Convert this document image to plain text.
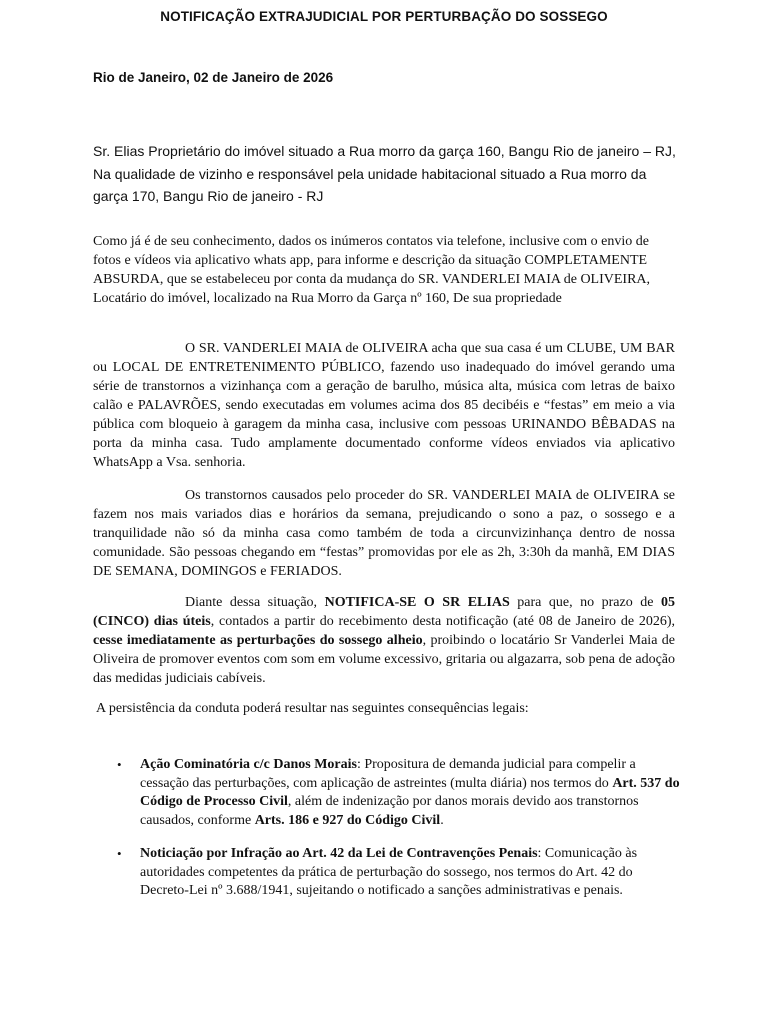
NOTIFICAÇÃO EXTRAJUDICIAL POR PERTURBAÇÃO DO SOSSEGO
Rio de Janeiro, 02 de Janeiro de 2026
Sr. Elias Proprietário do imóvel situado a Rua morro da garça 160, Bangu Rio de janeiro – RJ, Na qualidade de vizinho e responsável pela unidade habitacional situado a Rua morro da garça 170, Bangu Rio de janeiro - RJ
Como já é de seu conhecimento, dados os inúmeros contatos via telefone, inclusive com o envio de fotos e vídeos via aplicativo whats app, para informe e descrição da situação COMPLETAMENTE ABSURDA, que se estabeleceu por conta da mudança do SR. VANDERLEI MAIA de OLIVEIRA, Locatário do imóvel, localizado na Rua Morro da Garça nº 160, De sua propriedade
O SR. VANDERLEI MAIA de OLIVEIRA acha que sua casa é um CLUBE, UM BAR ou LOCAL DE ENTRETENIMENTO PÚBLICO, fazendo uso inadequado do imóvel gerando uma série de transtornos a vizinhança com a geração de barulho, música alta, música com letras de baixo calão e PALAVRÕES, sendo executadas em volumes acima dos 85 decibéis e “festas” em meio a via pública com bloqueio à garagem da minha casa, inclusive com pessoas URINANDO BÊBADAS na porta da minha casa. Tudo amplamente documentado conforme vídeos enviados via aplicativo WhatsApp a Vsa. senhoria.
Os transtornos causados pelo proceder do SR. VANDERLEI MAIA de OLIVEIRA se fazem nos mais variados dias e horários da semana, prejudicando o sono a paz, o sossego e a tranquilidade não só da minha casa como também de toda a circunvizinhança dentro de nossa comunidade. São pessoas chegando em “festas” promovidas por ele as 2h, 3:30h da manhã, EM DIAS DE SEMANA, DOMINGOS e FERIADOS.
Diante dessa situação, NOTIFICA-SE O SR ELIAS para que, no prazo de 05 (CINCO) dias úteis, contados a partir do recebimento desta notificação (até 08 de Janeiro de 2026), cesse imediatamente as perturbações do sossego alheio, proibindo o locatário Sr Vanderlei Maia de Oliveira de promover eventos com som em volume excessivo, gritaria ou algazarra, sob pena de adoção das medidas judiciais cabíveis.
A persistência da conduta poderá resultar nas seguintes consequências legais:
• Ação Cominatória c/c Danos Morais: Propositura de demanda judicial para compelir a cessação das perturbações, com aplicação de astreintes (multa diária) nos termos do Art. 537 do Código de Processo Civil, além de indenização por danos morais devido aos transtornos causados, conforme Arts. 186 e 927 do Código Civil.
• Noticiação por Infração ao Art. 42 da Lei de Contravenções Penais: Comunicação às autoridades competentes da prática de perturbação do sossego, nos termos do Art. 42 do Decreto-Lei nº 3.688/1941, sujeitando o notificado a sanções administrativas e penais.
